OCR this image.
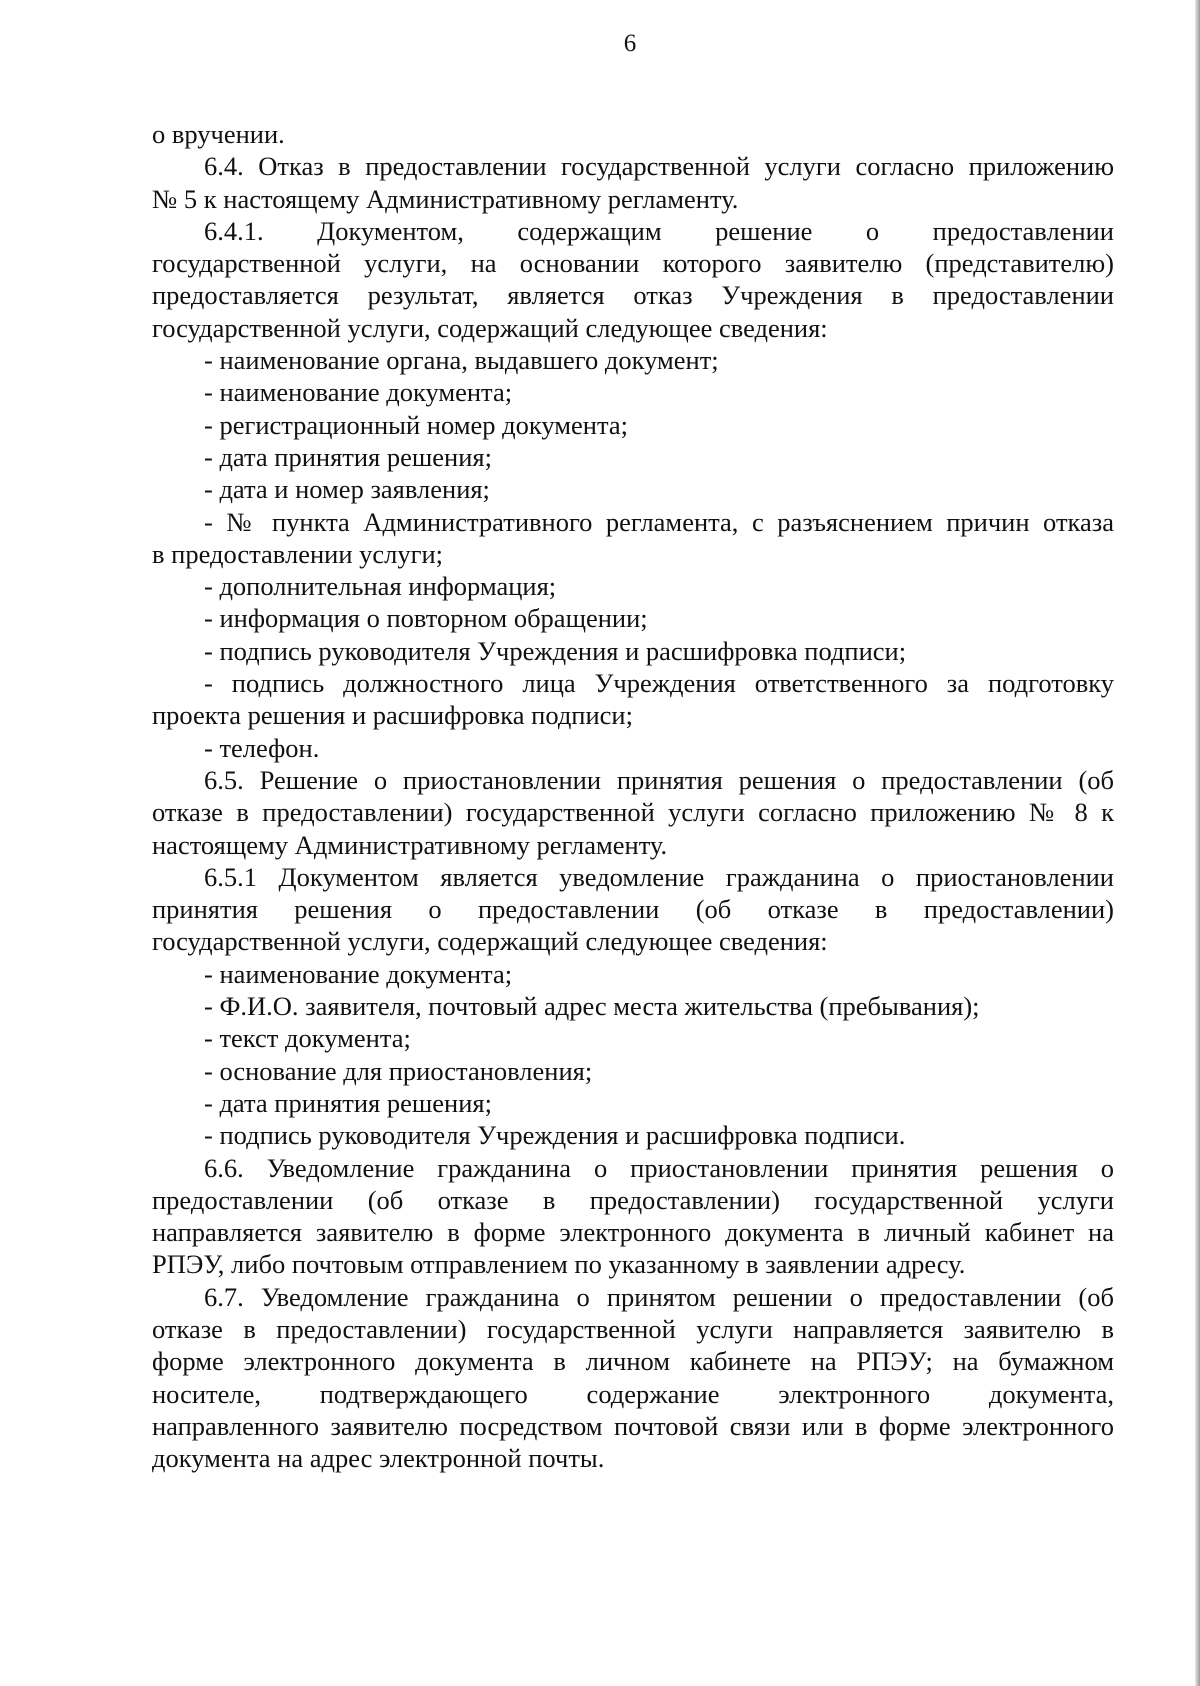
6
о вручении.
6.4. Отказ в предоставлении государственной услуги согласно приложению
№ 5 к настоящему Административному регламенту.
6.4.1. Документом, содержащим решение о предоставлении
государственной услуги, на основании которого заявителю (представителю)
предоставляется результат, является отказ Учреждения в предоставлении
государственной услуги, содержащий следующее сведения:
- наименование органа, выдавшего документ;
- наименование документа;
- регистрационный номер документа;
- дата принятия решения;
- дата и номер заявления;
- № пункта Административного регламента, с разъяснением причин отказа
в предоставлении услуги;
- дополнительная информация;
- информация о повторном обращении;
- подпись руководителя Учреждения и расшифровка подписи;
- подпись должностного лица Учреждения ответственного за подготовку
проекта решения и расшифровка подписи;
- телефон.
6.5. Решение о приостановлении принятия решения о предоставлении (об
отказе в предоставлении) государственной услуги согласно приложению № 8 к
настоящему Административному регламенту.
6.5.1 Документом является уведомление гражданина о приостановлении
принятия решения о предоставлении (об отказе в предоставлении)
государственной услуги, содержащий следующее сведения:
- наименование документа;
- Ф.И.О. заявителя, почтовый адрес места жительства (пребывания);
- текст документа;
- основание для приостановления;
- дата принятия решения;
- подпись руководителя Учреждения и расшифровка подписи.
6.6. Уведомление гражданина о приостановлении принятия решения о
предоставлении (об отказе в предоставлении) государственной услуги
направляется заявителю в форме электронного документа в личный кабинет на
РПЭУ, либо почтовым отправлением по указанному в заявлении адресу.
6.7. Уведомление гражданина о принятом решении о предоставлении (об
отказе в предоставлении) государственной услуги направляется заявителю в
форме электронного документа в личном кабинете на РПЭУ; на бумажном
носителе, подтверждающего содержание электронного документа,
направленного заявителю посредством почтовой связи или в форме электронного
документа на адрес электронной почты.
